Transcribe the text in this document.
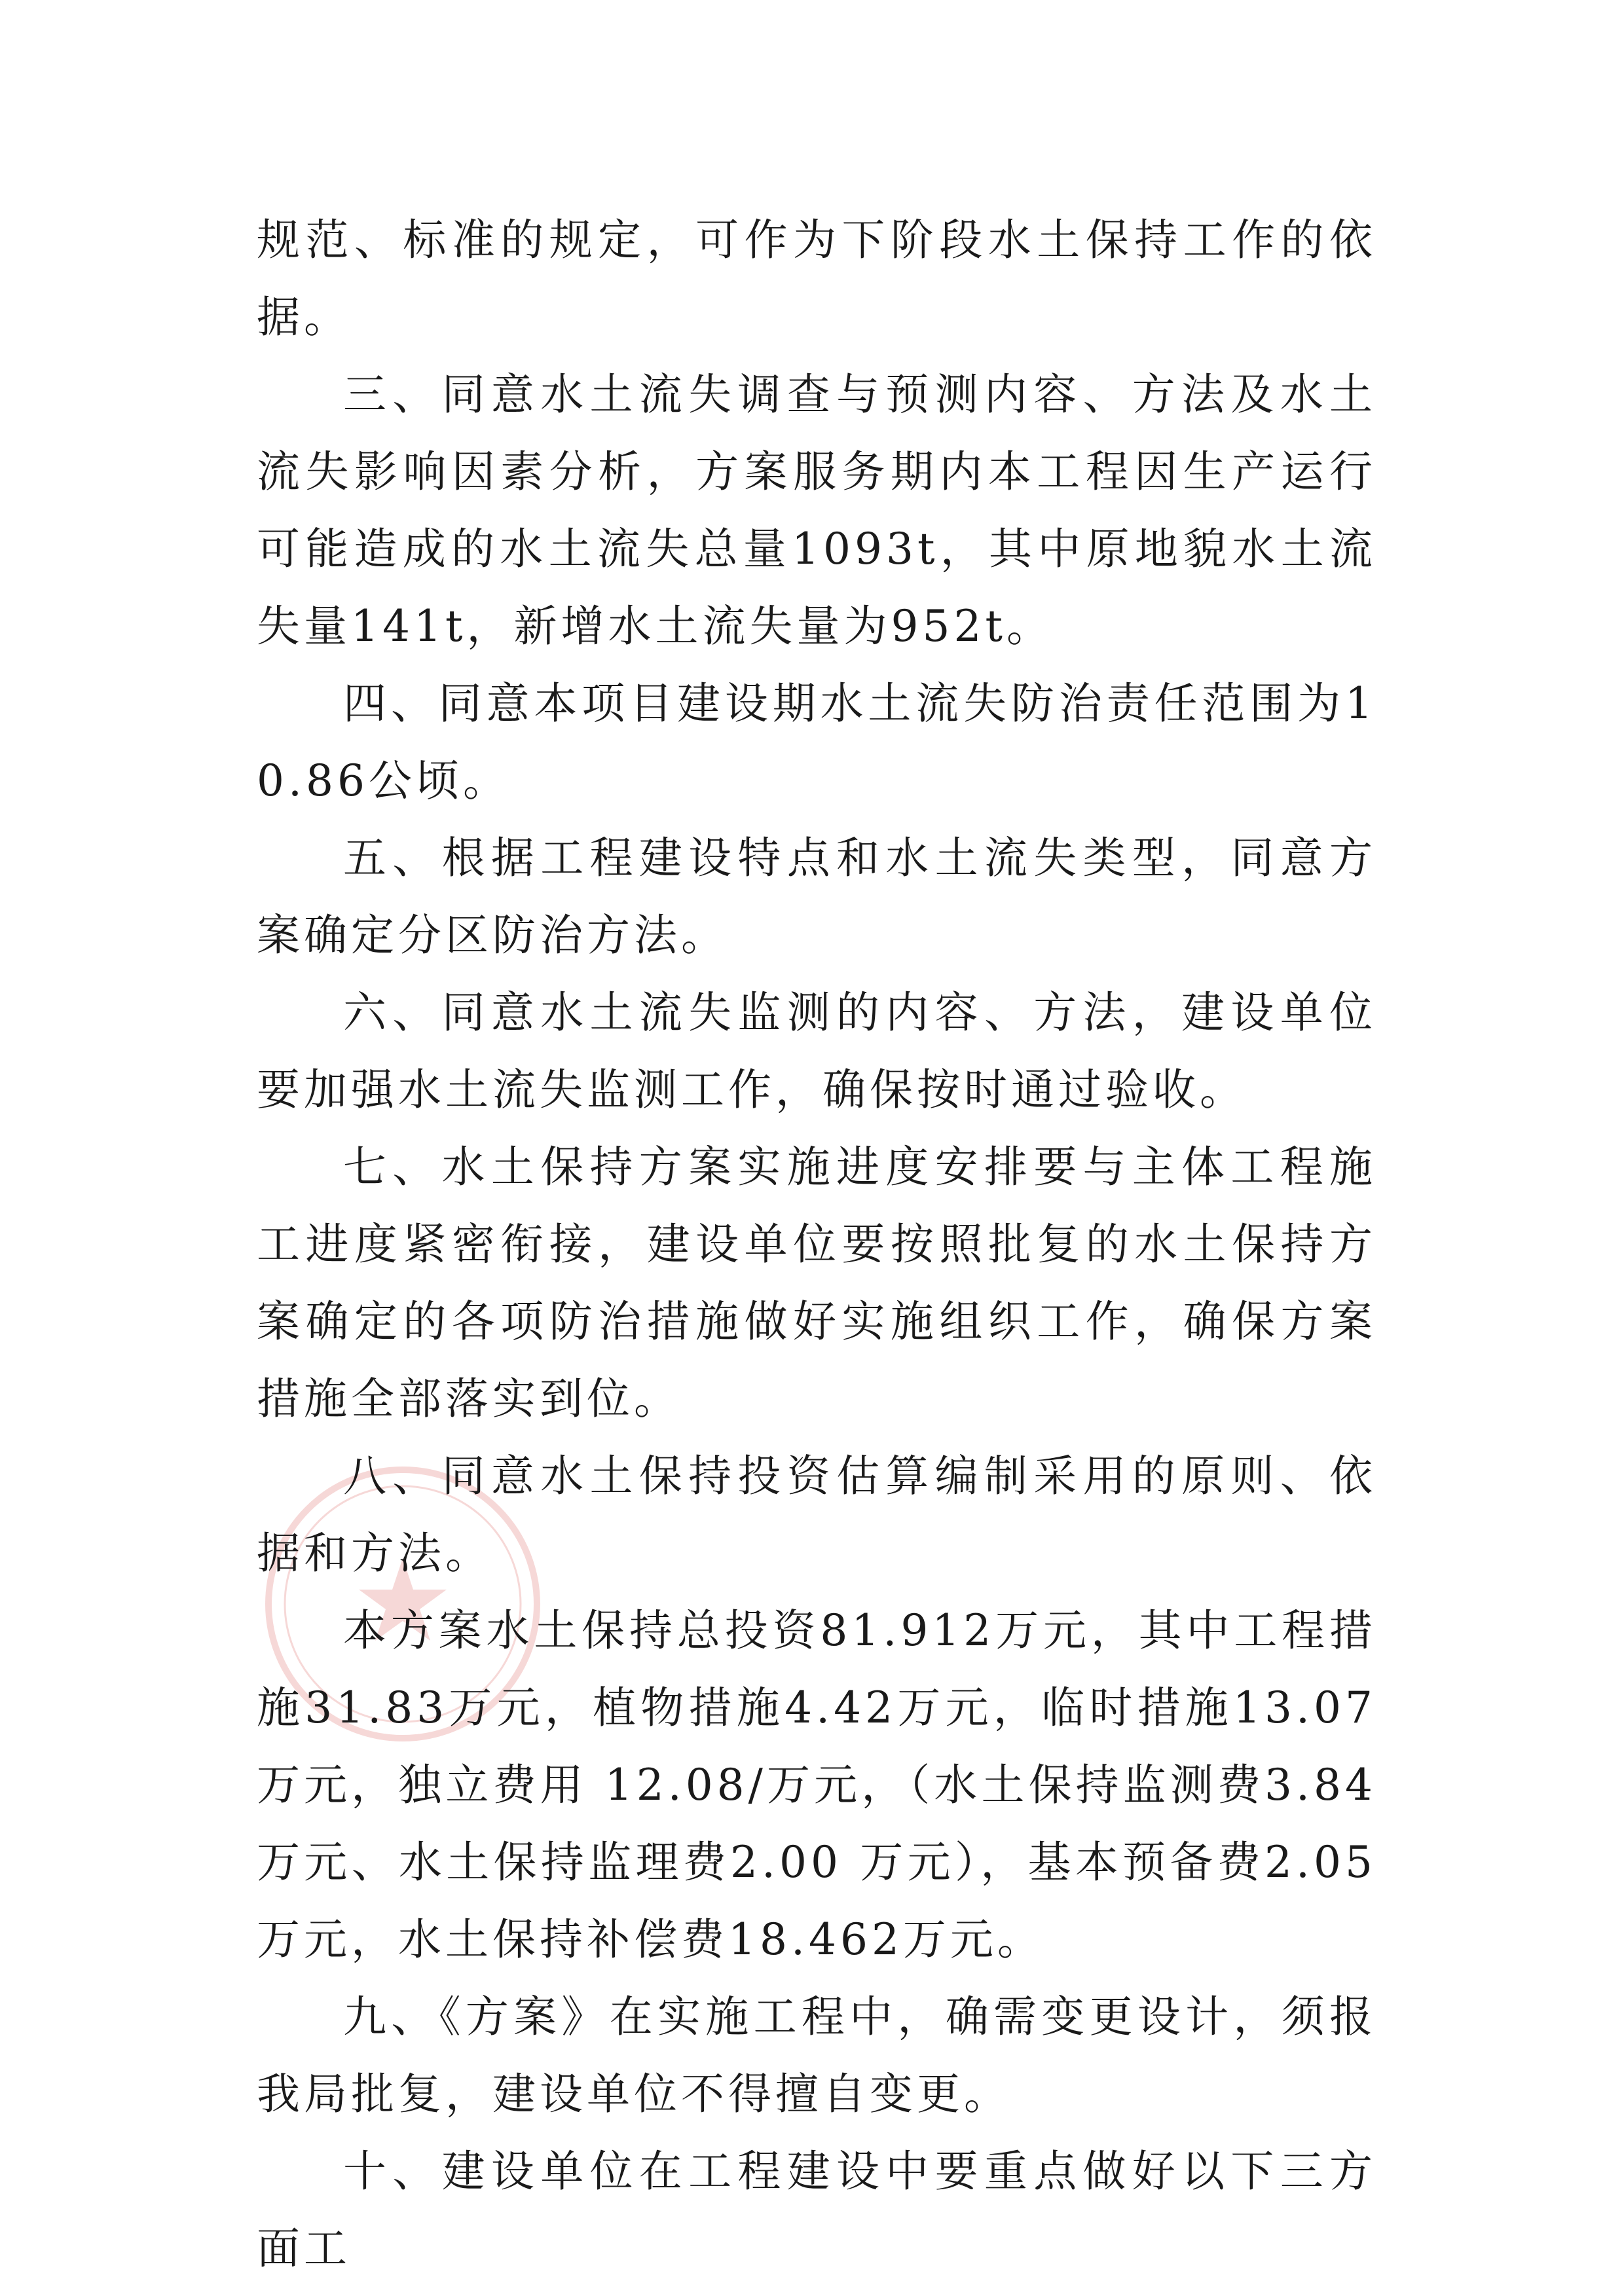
规范、标准的规定，可作为下阶段水土保持工作的依据。

三、同意水土流失调查与预测内容、方法及水土流失影响因素分析，方案服务期内本工程因生产运行可能造成的水土流失总量1093t，其中原地貌水土流失量141t，新增水土流失量为952t。

四、同意本项目建设期水土流失防治责任范围为10.86公顷。

五、根据工程建设特点和水土流失类型，同意方案确定分区防治方法。

六、同意水土流失监测的内容、方法，建设单位要加强水土流失监测工作，确保按时通过验收。

七、水土保持方案实施进度安排要与主体工程施工进度紧密衔接，建设单位要按照批复的水土保持方案确定的各项防治措施做好实施组织工作，确保方案措施全部落实到位。

八、同意水土保持投资估算编制采用的原则、依据和方法。

本方案水土保持总投资81.912万元，其中工程措施31.83万元，植物措施4.42万元，临时措施13.07万元，独立费用 12.08/万元，（水土保持监测费3.84万元、水土保持监理费2.00 万元），基本预备费2.05万元，水土保持补偿费18.462万元。

九、《方案》在实施工程中，确需变更设计，须报我局批复，建设单位不得擅自变更。

十、建设单位在工程建设中要重点做好以下三方面工
